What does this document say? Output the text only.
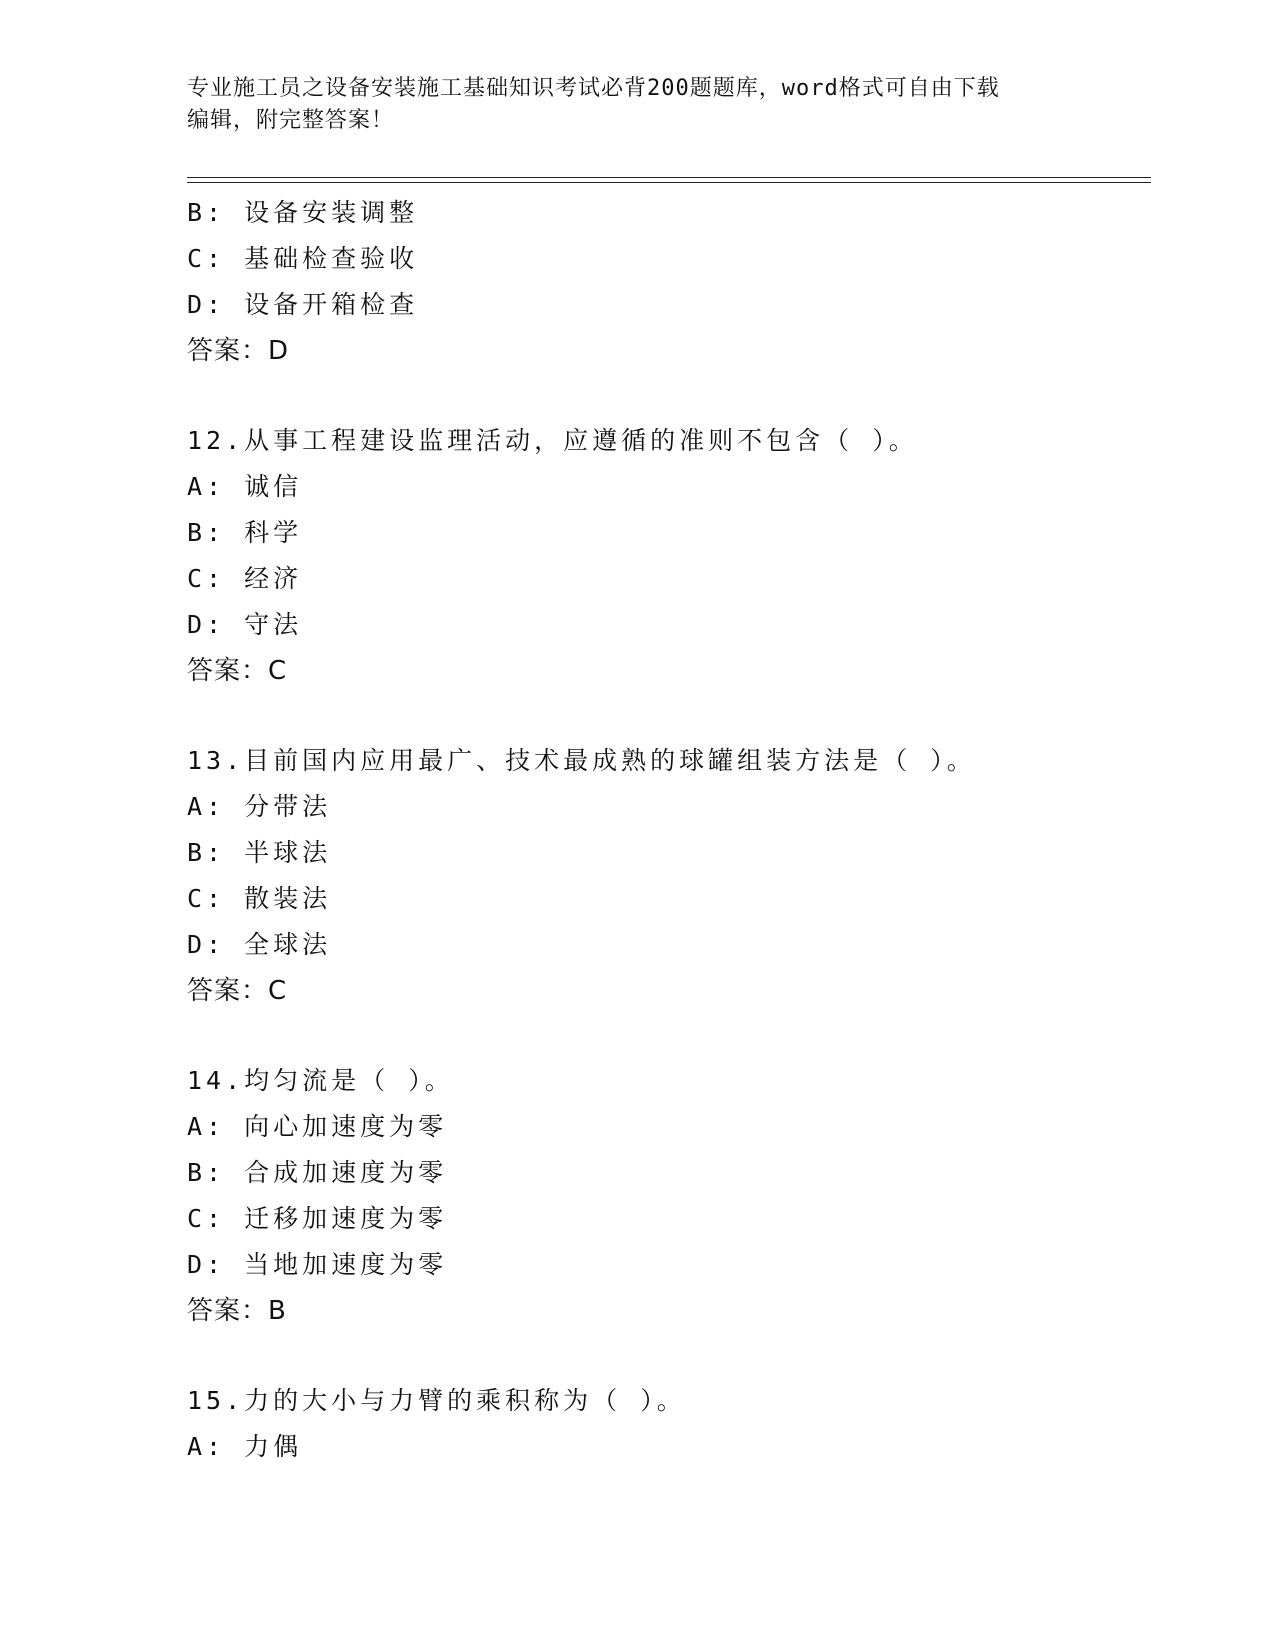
专业施工员之设备安装施工基础知识考试必背200题题库，word格式可自由下载
编辑，附完整答案！
B: 设备安装调整
C: 基础检查验收
D: 设备开箱检查
答案：D
12.从事工程建设监理活动，应遵循的准则不包含（ ）。
A: 诚信
B: 科学
C: 经济
D: 守法
答案：C
13.目前国内应用最广、技术最成熟的球罐组装方法是（ ）。
A: 分带法
B: 半球法
C: 散装法
D: 全球法
答案：C
14.均匀流是（ ）。
A: 向心加速度为零
B: 合成加速度为零
C: 迁移加速度为零
D: 当地加速度为零
答案：B
15.力的大小与力臂的乘积称为（ ）。
A: 力偶
